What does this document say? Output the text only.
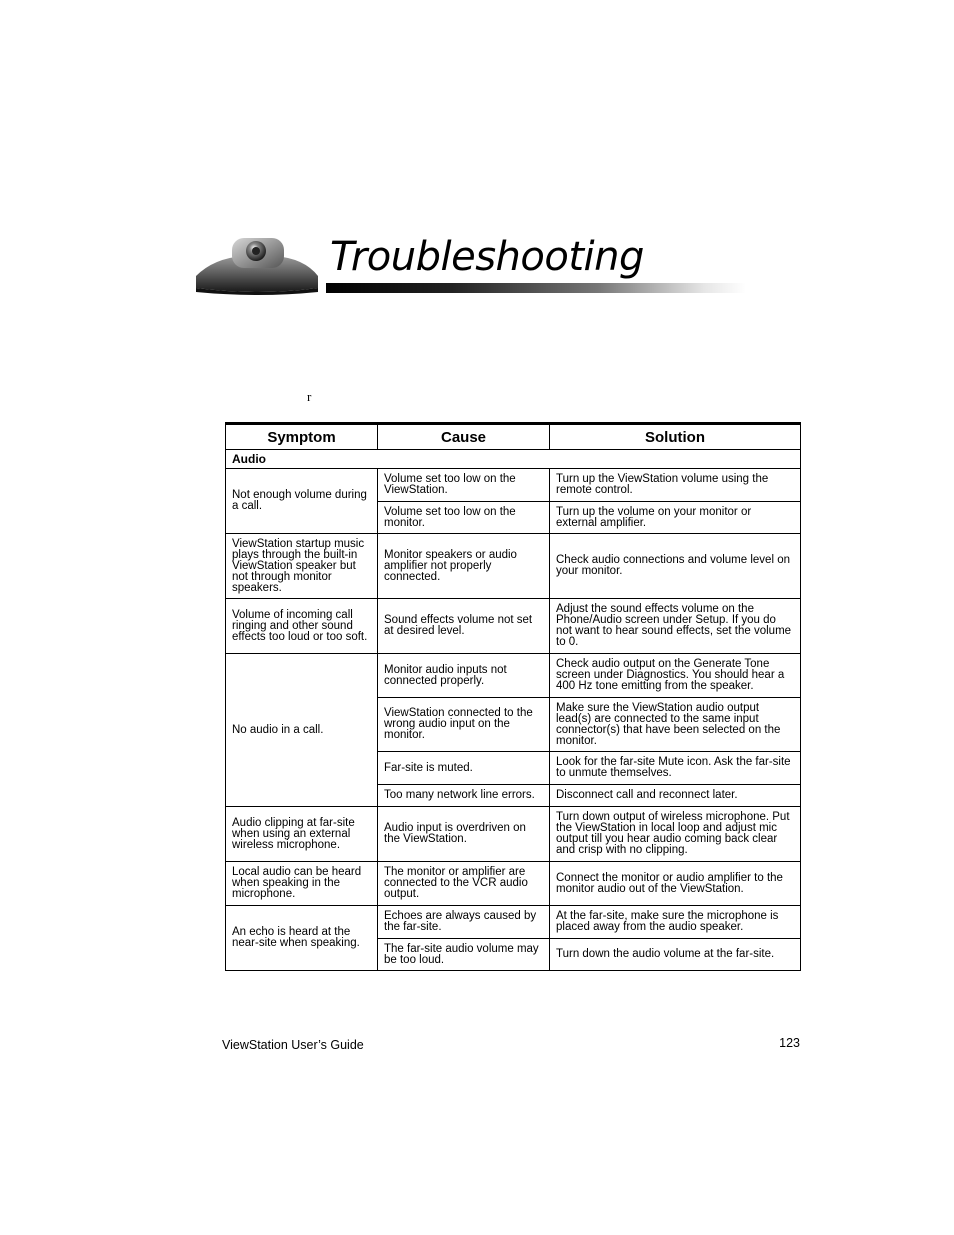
Troubleshooting
r
Symptom	Cause	Solution
Audio		
Not enough volume during a call.	Volume set too low on the ViewStation.	Turn up the ViewStation volume using the remote control.
	Volume set too low on the monitor.	Turn up the volume on your monitor or external amplifier.
ViewStation startup music plays through the built-in ViewStation speaker but not through monitor speakers.	Monitor speakers or audio amplifier not properly connected.	Check audio connections and volume level on your monitor.
Volume of incoming call ringing and other sound effects too loud or too soft.	Sound effects volume not set at desired level.	Adjust the sound effects volume on the Phone/Audio screen under Setup. If you do not want to hear sound effects, set the volume to 0.
No audio in a call.	Monitor audio inputs not connected properly.	Check audio output on the Generate Tone screen under Diagnostics. You should hear a 400 Hz tone emitting from the speaker.
	ViewStation connected to the wrong audio input on the monitor.	Make sure the ViewStation audio output lead(s) are connected to the same input connector(s) that have been selected on the monitor.
	Far-site is muted.	Look for the far-site Mute icon. Ask the far-site to unmute themselves.
	Too many network line errors.	Disconnect call and reconnect later.
Audio clipping at far-site when using an external wireless microphone.	Audio input is overdriven on the ViewStation.	Turn down output of wireless microphone. Put the ViewStation in local loop and adjust mic output till you hear audio coming back clear and crisp with no clipping.
Local audio can be heard when speaking in the microphone.	The monitor or amplifier are connected to the VCR audio output.	Connect the monitor or audio amplifier to the monitor audio out of the ViewStation.
An echo is heard at the near-site when speaking.	Echoes are always caused by the far-site.	At the far-site, make sure the microphone is placed away from the audio speaker.
	The far-site audio volume may be too loud.	Turn down the audio volume at the far-site.
ViewStation User’s Guide	123
